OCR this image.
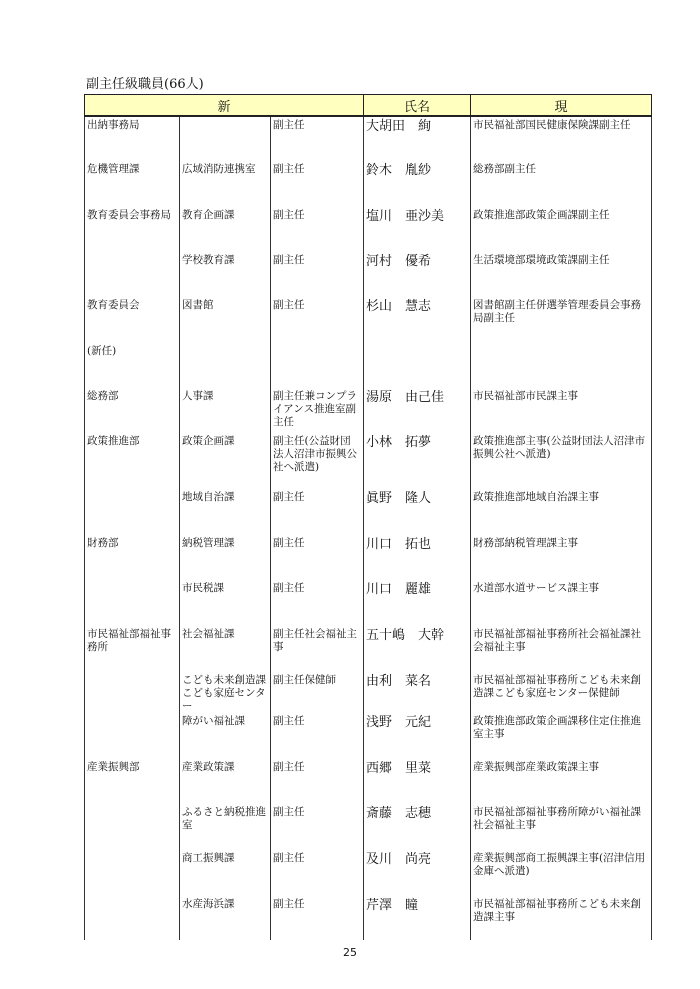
副主任級職員(66人)
新			氏名	現
出納事務局		副主任	大胡田　絢	市民福祉部国民健康保険課副主任
危機管理課	広域消防連携室	副主任	鈴木　胤紗	総務部副主任
教育委員会事務局	教育企画課	副主任	塩川　亜沙美	政策推進部政策企画課副主任
	学校教育課	副主任	河村　優希	生活環境部環境政策課副主任
教育委員会	図書館	副主任	杉山　慧志	図書館副主任併選挙管理委員会事務局副主任
(新任)				
総務部	人事課	副主任兼コンプライアンス推進室副主任	湯原　由己佳	市民福祉部市民課主事
政策推進部	政策企画課	副主任(公益財団法人沼津市振興公社へ派遣)	小林　拓夢	政策推進部主事(公益財団法人沼津市振興公社へ派遣)
	地域自治課	副主任	眞野　隆人	政策推進部地域自治課主事
財務部	納税管理課	副主任	川口　拓也	財務部納税管理課主事
	市民税課	副主任	川口　麗雄	水道部水道サービス課主事
市民福祉部福祉事務所	社会福祉課	副主任社会福祉主事	五十嶋　大幹	市民福祉部福祉事務所社会福祉課社会福祉主事
	こども未来創造課こども家庭センター	副主任保健師	由利　菜名	市民福祉部福祉事務所こども未来創造課こども家庭センター保健師
	障がい福祉課	副主任	浅野　元紀	政策推進部政策企画課移住定住推進室主事
産業振興部	産業政策課	副主任	西郷　里菜	産業振興部産業政策課主事
	ふるさと納税推進室	副主任	斎藤　志穂	市民福祉部福祉事務所障がい福祉課社会福祉主事
	商工振興課	副主任	及川　尚亮	産業振興部商工振興課主事(沼津信用金庫へ派遣)
	水産海浜課	副主任	芹澤　瞳	市民福祉部福祉事務所こども未来創造課主事
25
